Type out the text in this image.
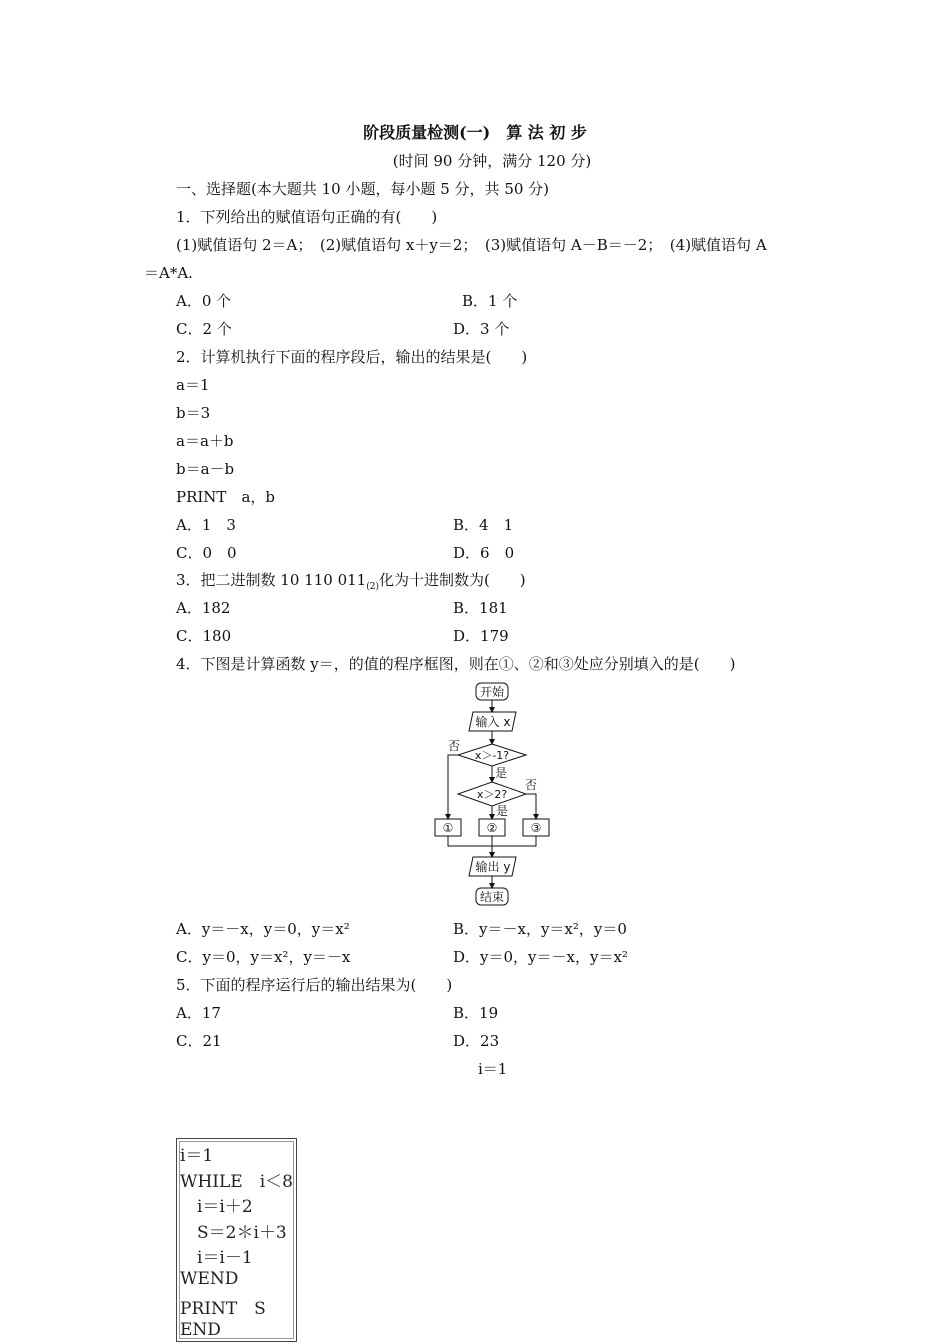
阶段质量检测(一)　算 法 初 步
(时间 90 分钟，满分 120 分)
一、选择题(本大题共 10 小题，每小题 5 分，共 50 分)
1．下列给出的赋值语句正确的有(　　)
(1)赋值语句 2＝A；　(2)赋值语句 x＋y＝2；　(3)赋值语句 A－B＝－2；　(4)赋值语句 A
＝A*A.
A．0 个	B．1 个
C．2 个	D．3 个
2．计算机执行下面的程序段后，输出的结果是(　　)
a＝1
b＝3
a＝a＋b
b＝a－b
PRINT　a，b
A．1　3	B．4　1
C．0　0	D．6　0
3．把二进制数 10 110 $011_{(2)}$化为十进制数为(　　)
A．182	B．181
C．180	D．179
4．下图是计算函数 y＝，的值的程序框图，则在①、②和③处应分别填入的是(　　)
开始
输入 x
x＞-1?
否
是
x＞2?
否
是
①	②	③
输出 y
结束
A．y＝－x，y＝0，y＝x²	B．y＝－x，y＝x²，y＝0
C．y＝0，y＝x²，y＝－x	D．y＝0，y＝－x，y＝x²
5．下面的程序运行后的输出结果为(　　)
A．17	B．19
C．21	D．23
i＝1
i＝1
WHILE　i＜8
　i＝i＋2
　S＝2＊i＋3
　i＝i－1
WEND
PRINT　S
END
